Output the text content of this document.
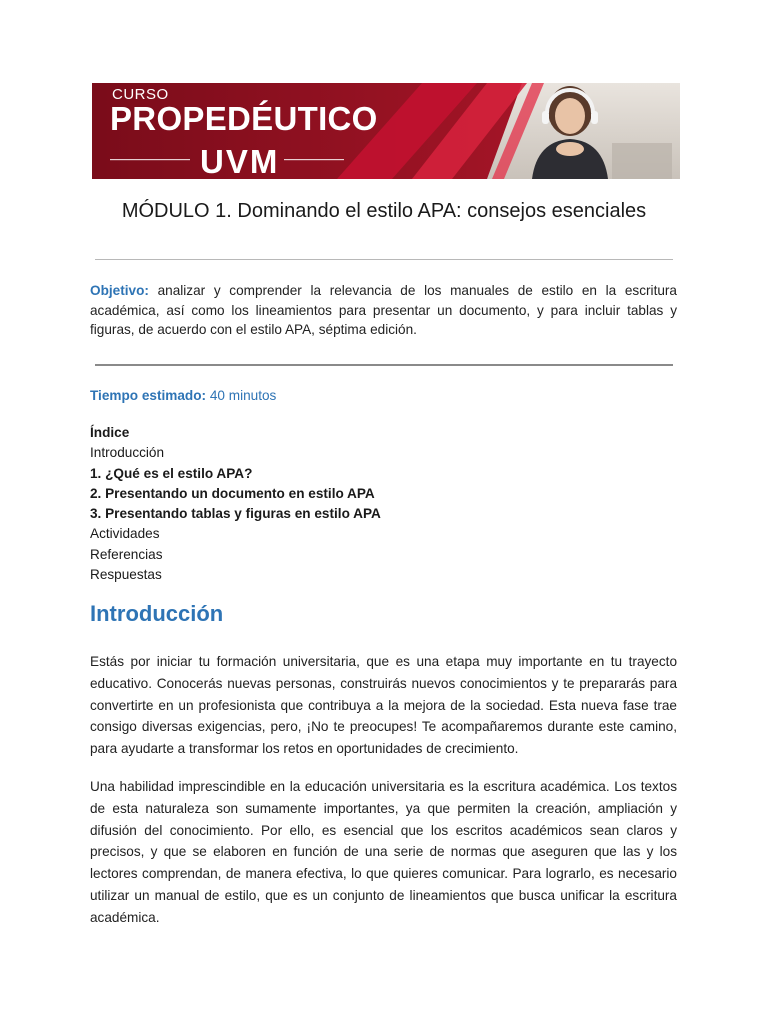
CURSO
PROPEDÉUTICO
UVM
MÓDULO 1. Dominando el estilo APA: consejos esenciales
Objetivo: analizar y comprender la relevancia de los manuales de estilo en la escritura académica, así como los lineamientos para presentar un documento, y para incluir tablas y figuras, de acuerdo con el estilo APA, séptima edición.
Tiempo estimado: 40 minutos
Índice
Introducción
1. ¿Qué es el estilo APA?
2. Presentando un documento en estilo APA
3. Presentando tablas y figuras en estilo APA
Actividades
Referencias
Respuestas
Introducción
Estás por iniciar tu formación universitaria, que es una etapa muy importante en tu trayecto educativo. Conocerás nuevas personas, construirás nuevos conocimientos y te prepararás para convertirte en un profesionista que contribuya a la mejora de la sociedad. Esta nueva fase trae consigo diversas exigencias, pero, ¡No te preocupes! Te acompañaremos durante este camino, para ayudarte a transformar los retos en oportunidades de crecimiento.
Una habilidad imprescindible en la educación universitaria es la escritura académica. Los textos de esta naturaleza son sumamente importantes, ya que permiten la creación, ampliación y difusión del conocimiento. Por ello, es esencial que los escritos académicos sean claros y precisos, y que se elaboren en función de una serie de normas que aseguren que las y los lectores comprendan, de manera efectiva, lo que quieres comunicar. Para lograrlo, es necesario utilizar un manual de estilo, que es un conjunto de lineamientos que busca unificar la escritura académica.
